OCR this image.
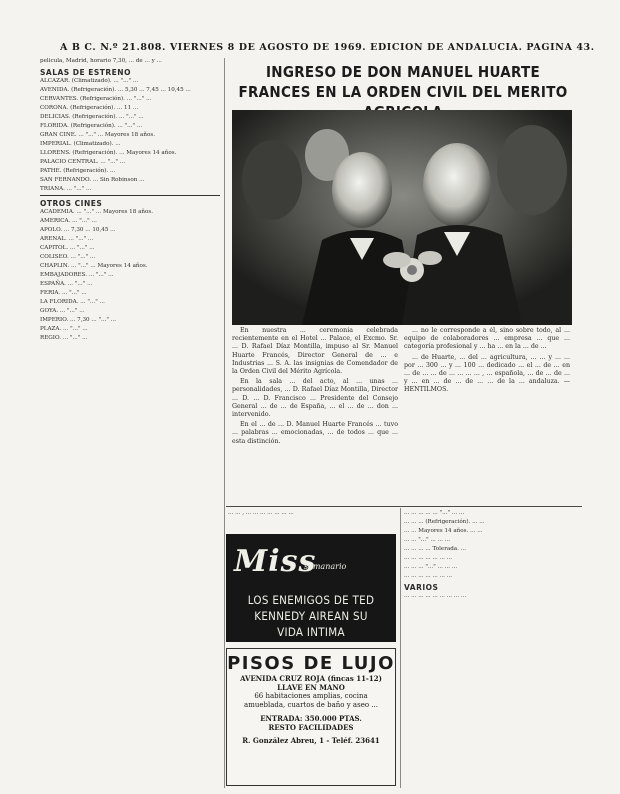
A B C. N.º 21.808. VIERNES 8 DE AGOSTO DE 1969. EDICION DE ANDALUCIA. PAGINA 43.

pelicula, Madrid, horario 7,30, ... de ... y ...

SALAS DE ESTRENO

ALCAZAR. (Climatizado). ... "..." ...

AVENIDA. (Refrigeración). ... 5,30 ... 7,45 ... 10,45 ...

CERVANTES. (Refrigeración). ... "..." ...

CORONA. (Refrigeración). ... 11 ...

DELICIAS. (Refrigeración). ... "..." ...

FLORIDA. (Refrigeración). ... "..." ...

GRAN CINE. ... "..." ... Mayores 18 años.

IMPERIAL. (Climatizado). ...

LLORENS. (Refrigeración). ... Mayores 14 años.

PALACIO CENTRAL. ... "..." ...

PATHE. (Refrigeración). ...

SAN FERNANDO. ... Sin Robinson ...

TRIANA. ... "..." ...

OTROS CINES

ACADEMIA. ... "..." ... Mayores 18 años.

AMERICA. ... "..." ...

APOLO. ... 7,30 ... 10,45 ...

ARENAL. ... "..." ...

CAPITOL. ... "..." ...

COLISEO. ... "..." ...

CHAPLIN. ... "..." ... Mayores 14 años.

EMBAJADORES. ... "..." ...

ESPAÑA. ... "..." ...

FERIA. ... "..." ...

LA FLORIDA. ... "..." ...

GOYA. ... "..." ...

IMPERIO. ... 7,30 ... "..." ...

PLAZA. ... "..." ...

REGIO. ... "..." ...

INGRESO DE DON MANUEL HUARTE FRANCES EN LA ORDEN CIVIL DEL MERITO

En nuestra ... ceremonia celebrada recientemente en el Hotel ... Palace, el Excmo. Sr. ... D. Rafael Díaz Montilla, impuso al Sr. Manuel Huarte Francés, Director General de ... e Industrias ... S. A. las insignias de Comendador de la Orden Civil del Mérito Agrícola.

En la sala ... del acto, al ... unas ... personalidades, ... D. Rafael Díaz Montilla, Director ... D. ... D. Francisco ... Presidente del Consejo General ... de ... de España, ... el ... de ... don ... intervenido.

En el ... de ... D. Manuel Huarte Francés ... tuvo ... palabras ... emocionadas, ... de todos ... que ... esta distinción.

... no le corresponde a él, sino sobre todo, al ... equipo de colaboradores ... empresa ... que ... categoría profesional y ... ha ... en la ... de ...

... de Huarte, ... del ... agricultura, ... ... y ... ... por ... 300 ... y ... 100 ... dedicado ... el ... de ... en ... de ... ... de ... ... ... ... , ... española, ... de ... de ... y ... en ... de ... de ... ... de la ... andaluza. — HENTILMOS.

... ... , ... ... ... ... ... ... ...
Miss
semanario
LOS ENEMIGOS DE TED
KENNEDY AIREAN SU
VIDA INTIMA
PISOS DE LUJO
AVENIDA CRUZ ROJA (fincas 11-12)
LLAVE EN MANO
66 habitaciones amplias, cocina amueblada, cuartos de baño y aseo ...
ENTRADA: 350.000 PTAS.
RESTO FACILIDADES
R. González Abreu, 1 - Teléf. 23641

... ... ... ... ... "..." ... ...

... ... ... (Refrigeración). ... ...

... ... Mayores 14 años. ... ...

... ... "..." ... ... ...

... ... ... ... Tolerada. ...

... ... ... ... ... ... ...

... ... ... "..." ... ... ...

... ... ... ... ... ... ...

VARIOS

... ... ... ... ... ... ... ... ...
